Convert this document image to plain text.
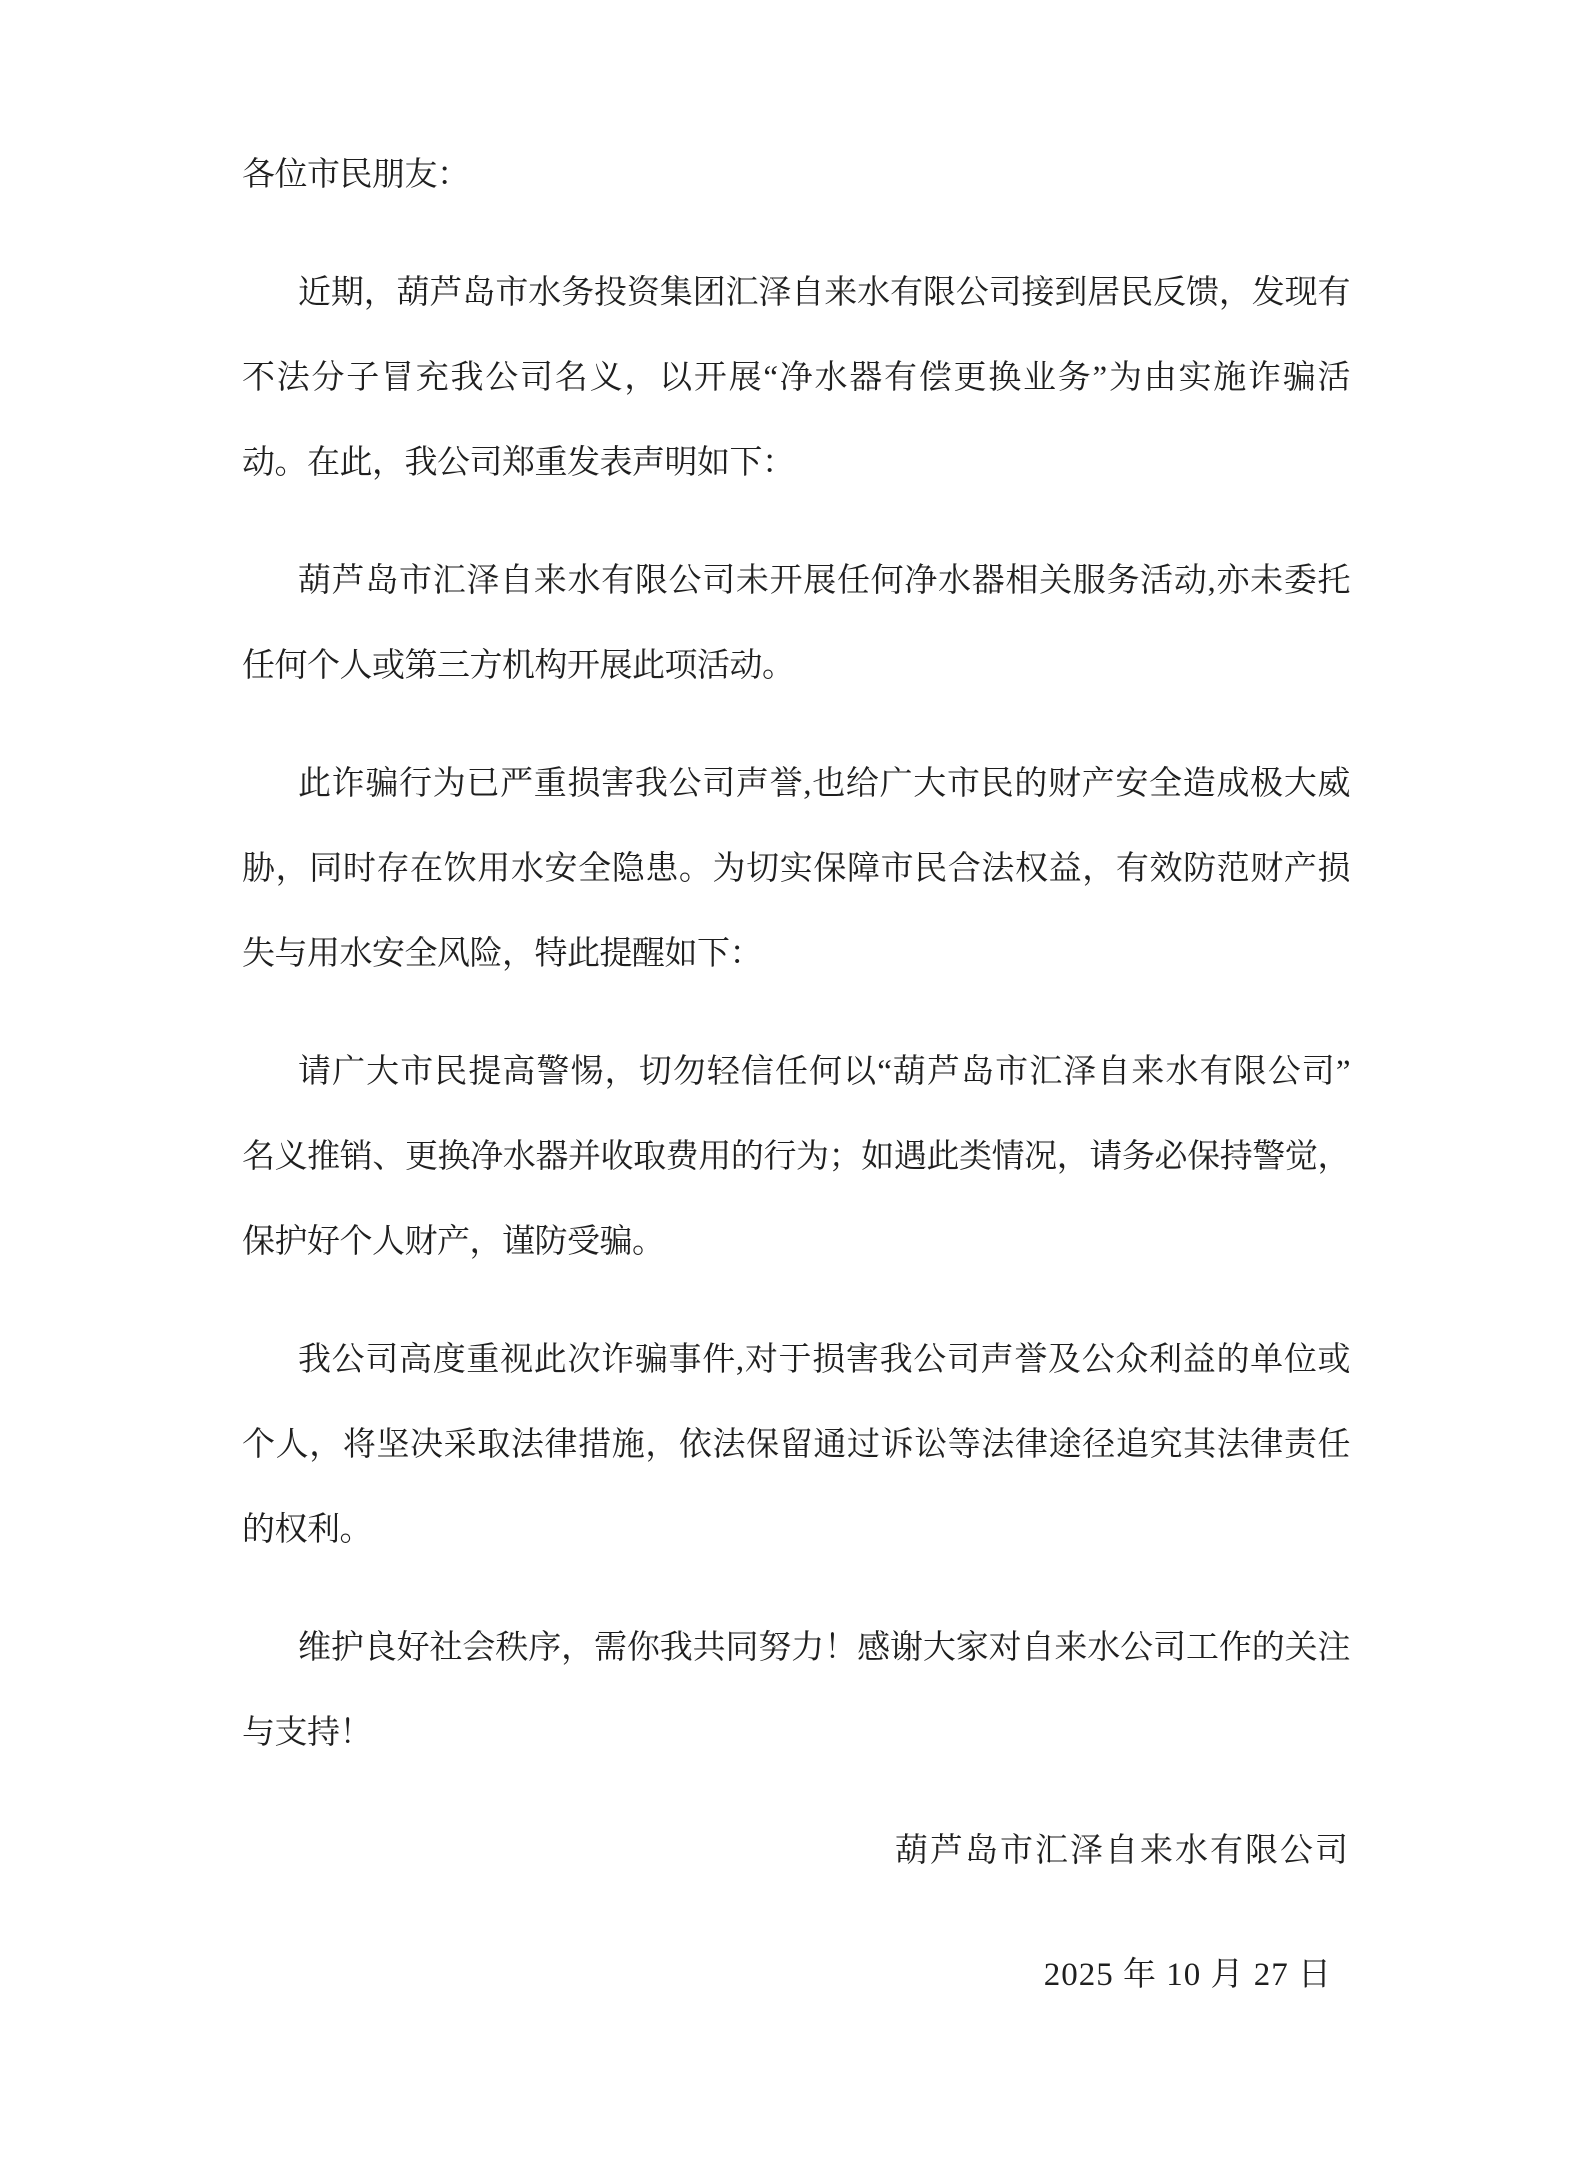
各位市民朋友：
近期，葫芦岛市水务投资集团汇泽自来水有限公司接到居民反馈，发现有
不法分子冒充我公司名义，以开展“净水器有偿更换业务”为由实施诈骗活
动。在此，我公司郑重发表声明如下：
葫芦岛市汇泽自来水有限公司未开展任何净水器相关服务活动,亦未委托
任何个人或第三方机构开展此项活动。
此诈骗行为已严重损害我公司声誉,也给广大市民的财产安全造成极大威
胁，同时存在饮用水安全隐患。为切实保障市民合法权益，有效防范财产损
失与用水安全风险，特此提醒如下：
请广大市民提高警惕，切勿轻信任何以“葫芦岛市汇泽自来水有限公司”
名义推销、更换净水器并收取费用的行为；如遇此类情况，请务必保持警觉，
保护好个人财产，谨防受骗。
我公司高度重视此次诈骗事件,对于损害我公司声誉及公众利益的单位或
个人，将坚决采取法律措施，依法保留通过诉讼等法律途径追究其法律责任
的权利。
维护良好社会秩序，需你我共同努力！感谢大家对自来水公司工作的关注
与支持！
葫芦岛市汇泽自来水有限公司
2025 年 10 月 27 日
